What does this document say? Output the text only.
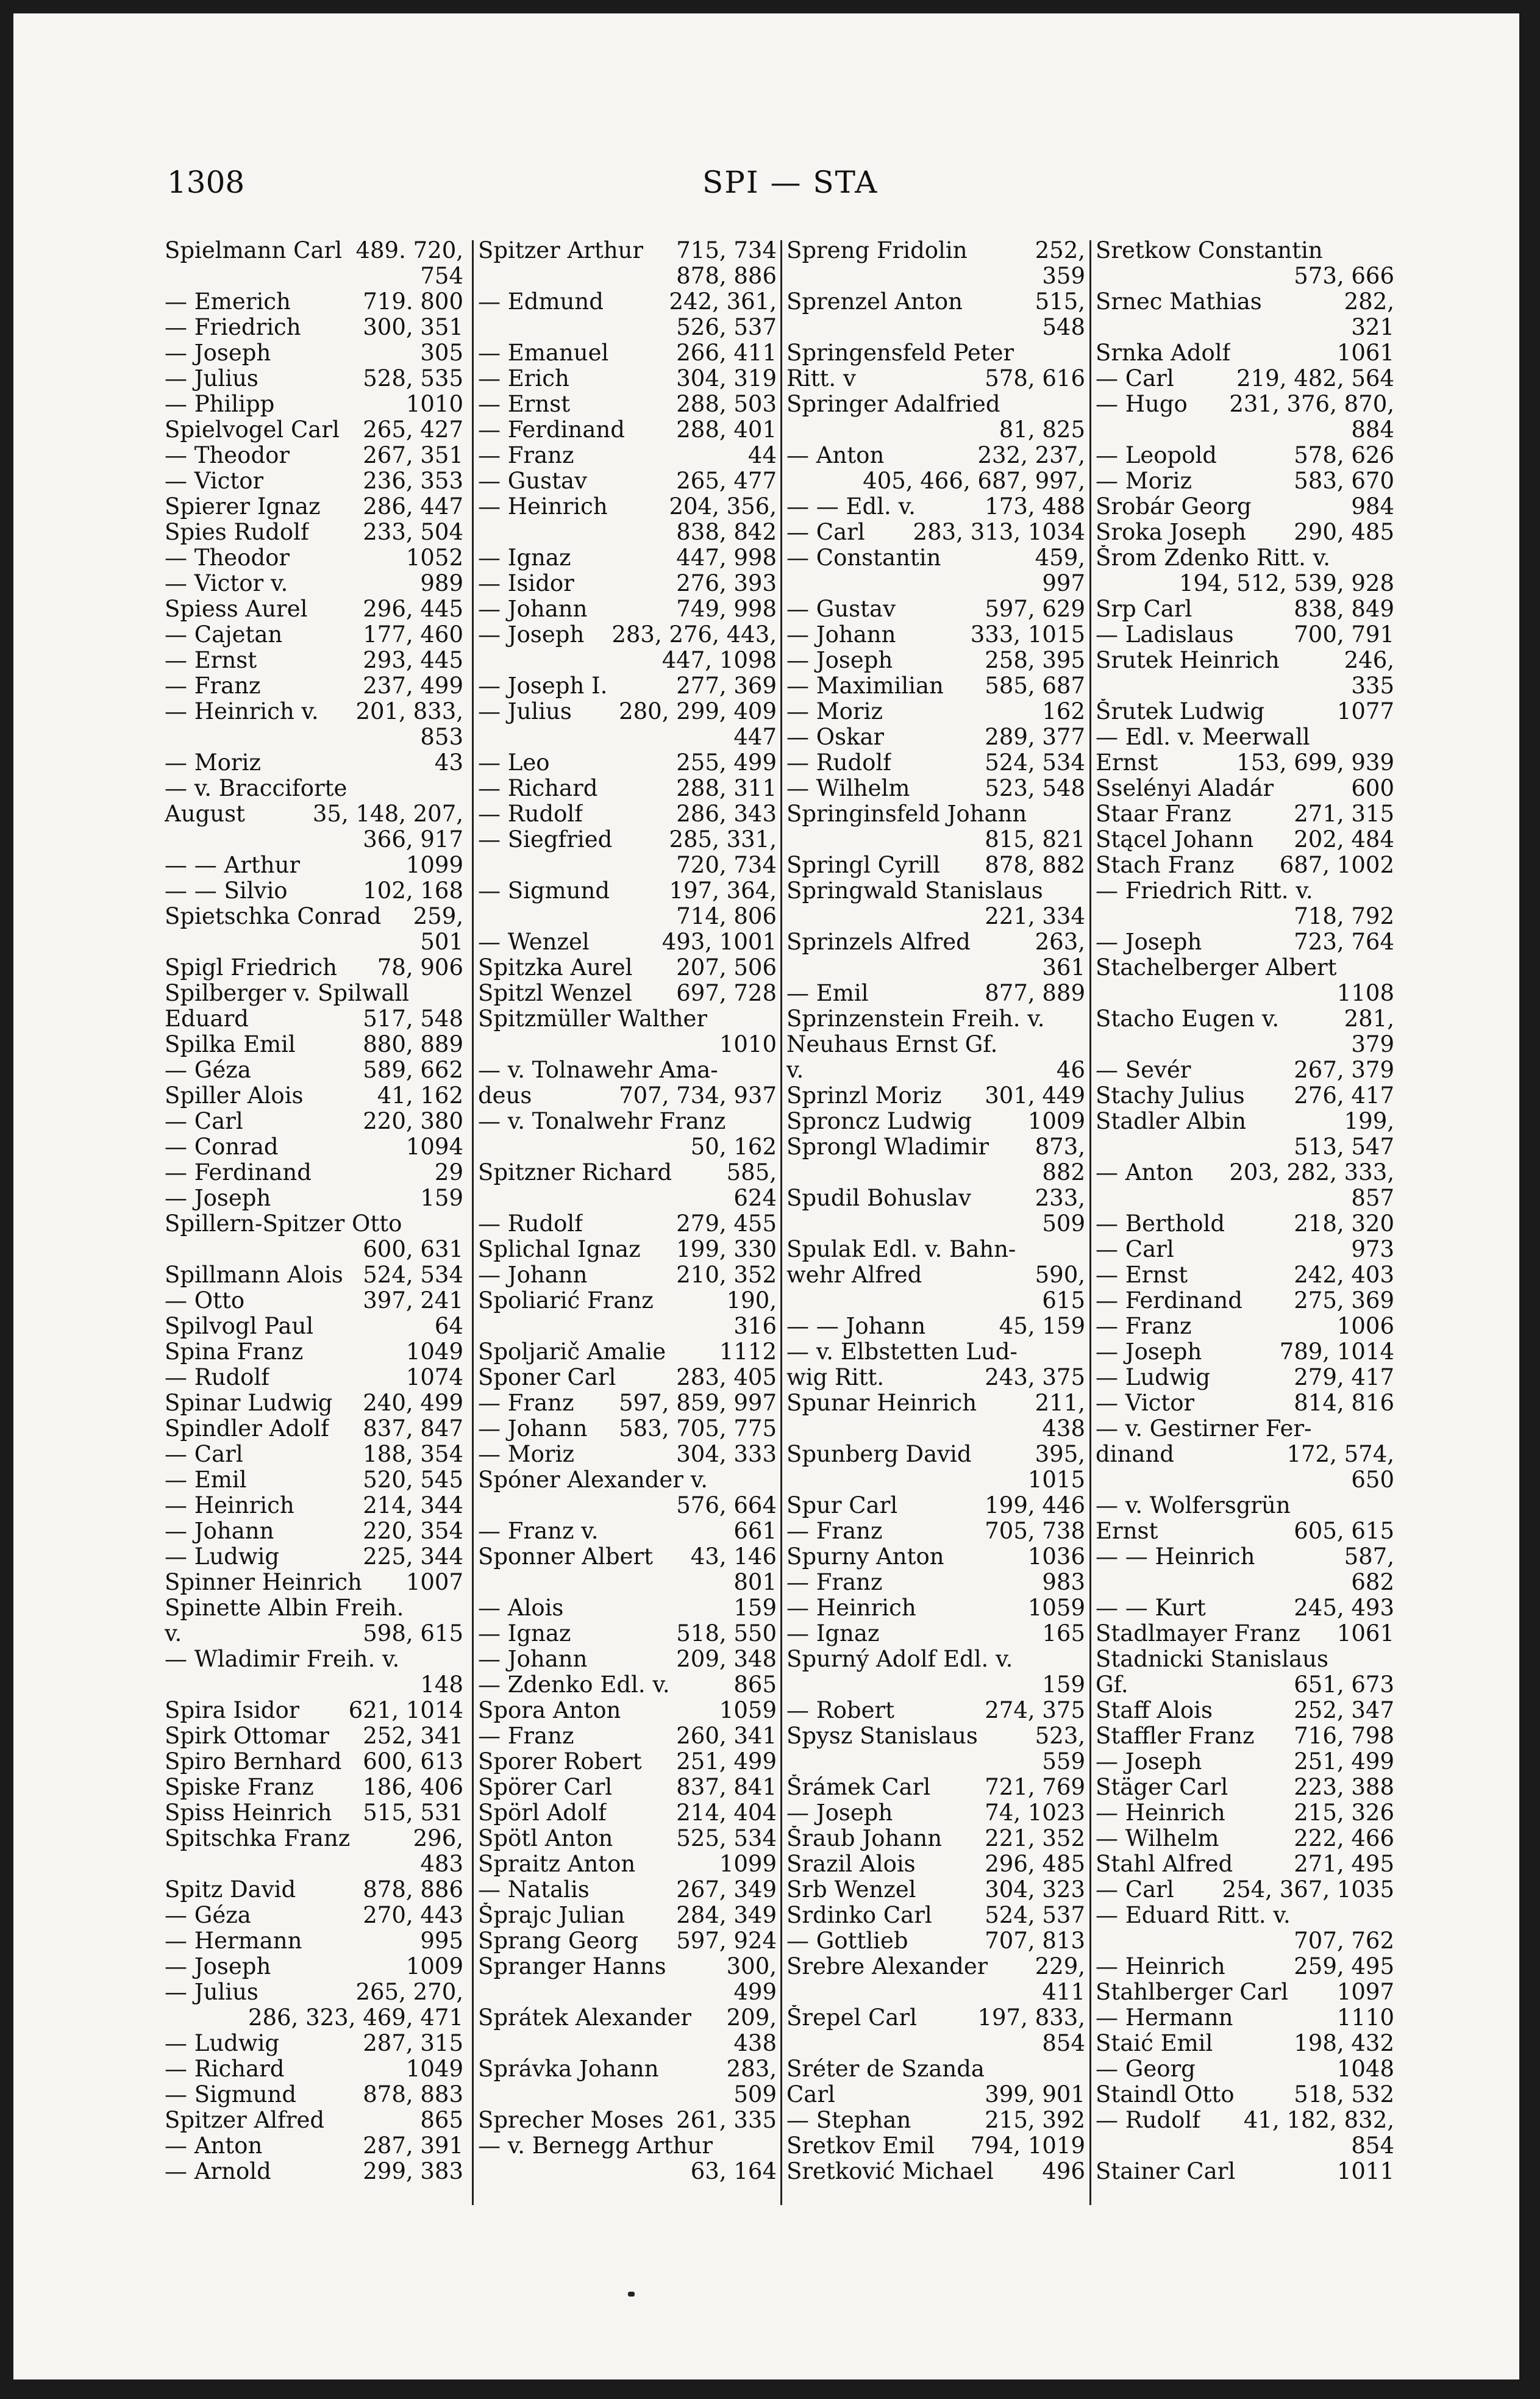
1308	SPI — STA
Spielmann Carl 489. 720,
754
— Emerich	719. 800
— Friedrich	300, 351
— Joseph	305
— Julius	528, 535
— Philipp	1010
Spielvogel Carl 265, 427
— Theodor	267, 351
— Victor	236, 353
Spierer Ignaz 286, 447
Spies Rudolf 233, 504
— Theodor	1052
— Victor v.	989
Spiess Aurel 296, 445
— Cajetan	177, 460
— Ernst	293, 445
— Franz	237, 499
— Heinrich v. 201, 833,
853
— Moriz	43
— v. Bracciforte
August	35, 148, 207,
366, 917
— — Arthur	1099
— — Silvio	102, 168
Spietschka Conrad 259,
501
Spigl Friedrich 78, 906
Spilberger v. Spilwall
Eduard	517, 548
Spilka Emil	880, 889
— Géza	589, 662
Spiller Alois	41, 162
— Carl	220, 380
— Conrad	1094
— Ferdinand	29
— Joseph	159
Spillern-Spitzer Otto
600, 631
Spillmann Alois 524, 534
— Otto	397, 241
Spilvogl Paul	64
Spina Franz	1049
— Rudolf	1074
Spinar Ludwig 240, 499
Spindler Adolf 837, 847
— Carl	188, 354
— Emil	520, 545
— Heinrich	214, 344
— Johann	220, 354
— Ludwig	225, 344
Spinner Heinrich 1007
Spinette Albin Freih.
v.	598, 615
— Wladimir Freih. v.
148
Spira Isidor 621, 1014
Spirk Ottomar 252, 341
Spiro Bernhard 600, 613
Spiske Franz 186, 406
Spiss Heinrich 515, 531
Spitschka Franz	296,
483
Spitz David	878, 886
— Géza	270, 443
— Hermann	995
— Joseph	1009
— Julius	265, 270,
286, 323, 469, 471
— Ludwig	287, 315
— Richard	1049
— Sigmund	878, 883
Spitzer Alfred	865
— Anton	287, 391
— Arnold	299, 383
Spitzer Arthur 715, 734
878, 886
— Edmund	242, 361,
526, 537
— Emanuel	266, 411
— Erich	304, 319
— Ernst	288, 503
— Ferdinand 288, 401
— Franz	44
— Gustav	265, 477
— Heinrich	204, 356,
838, 842
— Ignaz	447, 998
— Isidor	276, 393
— Johann	749, 998
— Joseph 283, 276, 443,
447, 1098
— Joseph I.	277, 369
— Julius 280, 299, 409
447
— Leo	255, 499
— Richard	288, 311
— Rudolf	286, 343
— Siegfried	285, 331,
720, 734
— Sigmund	197, 364,
714, 806
— Wenzel	493, 1001
Spitzka Aurel 207, 506
Spitzl Wenzel 697, 728
Spitzmüller Walther
1010
— v. Tolnawehr Ama-
deus	707, 734, 937
— v. Tonalwehr Franz
50, 162
Spitzner Richard 585,
624
— Rudolf	279, 455
Splichal Ignaz 199, 330
— Johann	210, 352
Spoliarić Franz	190,
316
Spoljarič Amalie 1112
Sponer Carl	283, 405
— Franz 597, 859, 997
— Johann 583, 705, 775
— Moriz	304, 333
Spóner Alexander v.
576, 664
— Franz v.	661
Sponner Albert 43, 146
801
— Alois	159
— Ignaz	518, 550
— Johann	209, 348
— Zdenko Edl. v.	865
Spora Anton	1059
— Franz	260, 341
Sporer Robert 251, 499
Spörer Carl	837, 841
Spörl Adolf	214, 404
Spötl Anton	525, 534
Spraitz Anton	1099
— Natalis	267, 349
Šprajc Julian 284, 349
Sprang Georg 597, 924
Spranger Hanns	300,
499
Sprátek Alexander 209,
438
Správka Johann	283,
509
Sprecher Moses 261, 335
— v. Bernegg Arthur
63, 164
Spreng Fridolin	252,
359
Sprenzel Anton	515,
548
Springensfeld Peter
Ritt. v	578, 616
Springer Adalfried
81, 825
— Anton	232, 237,
405, 466, 687, 997,
— — Edl. v.	173, 488
— Carl 283, 313, 1034
— Constantin	459,
997
— Gustav	597, 629
— Johann	333, 1015
— Joseph	258, 395
— Maximilian 585, 687
— Moriz	162
— Oskar	289, 377
— Rudolf	524, 534
— Wilhelm	523, 548
Springinsfeld Johann
815, 821
Springl Cyrill 878, 882
Springwald Stanislaus
221, 334
Sprinzels Alfred	263,
361
— Emil	877, 889
Sprinzenstein Freih. v.
Neuhaus Ernst Gf.
v.	46
Sprinzl Moriz 301, 449
Sproncz Ludwig 1009
Sprongl Wladimir 873,
882
Spudil Bohuslav	233,
509
Spulak Edl. v. Bahn-
wehr Alfred	590,
615
— — Johann	45, 159
— v. Elbstetten Lud-
wig Ritt.	243, 375
Spunar Heinrich	211,
438
Spunberg David	395,
1015
Spur Carl	199, 446
— Franz	705, 738
Spurny Anton	1036
— Franz	983
— Heinrich	1059
— Ignaz	165
Spurný Adolf Edl. v.
159
— Robert	274, 375
Spysz Stanislaus	523,
559
Šrámek Carl 721, 769
— Joseph	74, 1023
Šraub Johann 221, 352
Srazil Alois	296, 485
Srb Wenzel	304, 323
Srdinko Carl 524, 537
— Gottlieb	707, 813
Srebre Alexander 229,
411
Šrepel Carl	197, 833,
854
Sréter de Szanda
Carl	399, 901
— Stephan	215, 392
Sretkov Emil 794, 1019
Sretković Michael 496
Sretkow Constantin
573, 666
Srnec Mathias	282,
321
Srnka Adolf	1061
— Carl	219, 482, 564
— Hugo 231, 376, 870,
884
— Leopold	578, 626
— Moriz	583, 670
Srobár Georg	984
Sroka Joseph 290, 485
Šrom Zdenko Ritt. v.
194, 512, 539, 928
Srp Carl	838, 849
— Ladislaus	700, 791
Srutek Heinrich	246,
335
Šrutek Ludwig	1077
— Edl. v. Meerwall
Ernst	153, 699, 939
Sselényi Aladár	600
Staar Franz	271, 315
Stącel Johann 202, 484
Stach Franz 687, 1002
— Friedrich Ritt. v.
718, 792
— Joseph	723, 764
Stachelberger Albert
1108
Stacho Eugen v.	281,
379
— Sevér	267, 379
Stachy Julius 276, 417
Stadler Albin	199,
513, 547
— Anton 203, 282, 333,
857
— Berthold	218, 320
— Carl	973
— Ernst	242, 403
— Ferdinand 275, 369
— Franz	1006
— Joseph	789, 1014
— Ludwig	279, 417
— Victor	814, 816
— v. Gestirner Fer-
dinand	172, 574,
650
— v. Wolfersgrün
Ernst	605, 615
— — Heinrich	587,
682
— — Kurt	245, 493
Stadlmayer Franz 1061
Stadnicki Stanislaus
Gf.	651, 673
Staff Alois	252, 347
Staffler Franz 716, 798
— Joseph	251, 499
Stäger Carl	223, 388
— Heinrich	215, 326
— Wilhelm	222, 466
Stahl Alfred	271, 495
— Carl 254, 367, 1035
— Eduard Ritt. v.
707, 762
— Heinrich	259, 495
Stahlberger Carl 1097
— Hermann	1110
Staić Emil	198, 432
— Georg	1048
Staindl Otto	518, 532
— Rudolf 41, 182, 832,
854
Stainer Carl	1011
